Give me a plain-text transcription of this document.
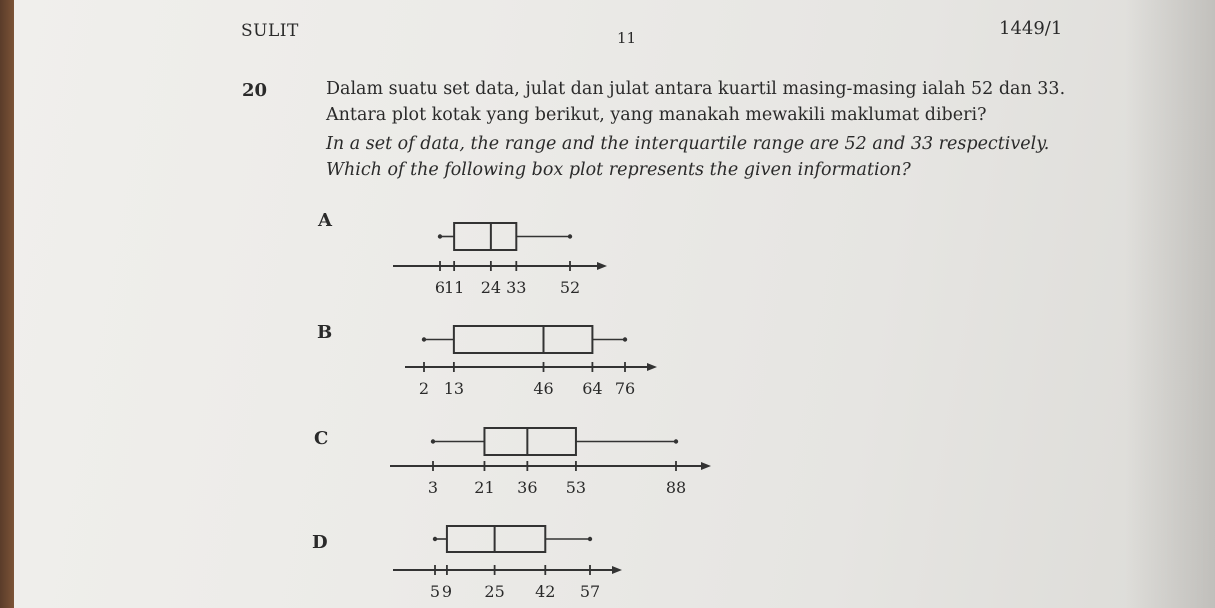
SULIT	11	1449/1
20	Dalam suatu set data, julat dan julat antara kuartil masing-masing ialah 52 dan 33.
Antara plot kotak yang berikut, yang manakah mewakili maklumat diberi?
In a set of data, the range and the interquartile range are 52 and 33 respectively.
Which of the following box plot represents the given information?
A
B
C
D
6
11 24 33 52
2 13	46 64 76
3 21 36 53	88
5 9 25 42 57
